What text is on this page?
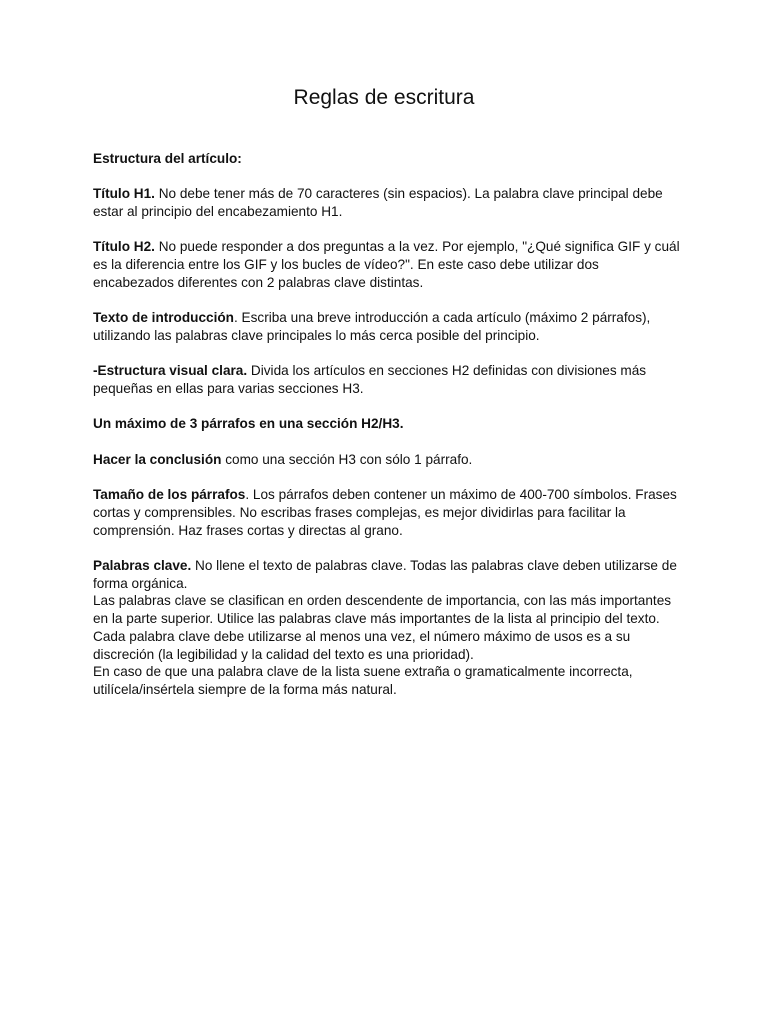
Reglas de escritura

Estructura del artículo:

Título H1. No debe tener más de 70 caracteres (sin espacios). La palabra clave principal debe estar al principio del encabezamiento H1.

Título H2. No puede responder a dos preguntas a la vez. Por ejemplo, "¿Qué significa GIF y cuál es la diferencia entre los GIF y los bucles de vídeo?". En este caso debe utilizar dos encabezados diferentes con 2 palabras clave distintas.

Texto de introducción. Escriba una breve introducción a cada artículo (máximo 2 párrafos), utilizando las palabras clave principales lo más cerca posible del principio.

-Estructura visual clara. Divida los artículos en secciones H2 definidas con divisiones más pequeñas en ellas para varias secciones H3.

Un máximo de 3 párrafos en una sección H2/H3.

Hacer la conclusión como una sección H3 con sólo 1 párrafo.

Tamaño de los párrafos. Los párrafos deben contener un máximo de 400-700 símbolos. Frases cortas y comprensibles. No escribas frases complejas, es mejor dividirlas para facilitar la comprensión. Haz frases cortas y directas al grano.

Palabras clave. No llene el texto de palabras clave. Todas las palabras clave deben utilizarse de forma orgánica.
Las palabras clave se clasifican en orden descendente de importancia, con las más importantes en la parte superior. Utilice las palabras clave más importantes de la lista al principio del texto.
Cada palabra clave debe utilizarse al menos una vez, el número máximo de usos es a su discreción (la legibilidad y la calidad del texto es una prioridad).
En caso de que una palabra clave de la lista suene extraña o gramaticalmente incorrecta, utilícela/insértela siempre de la forma más natural.
